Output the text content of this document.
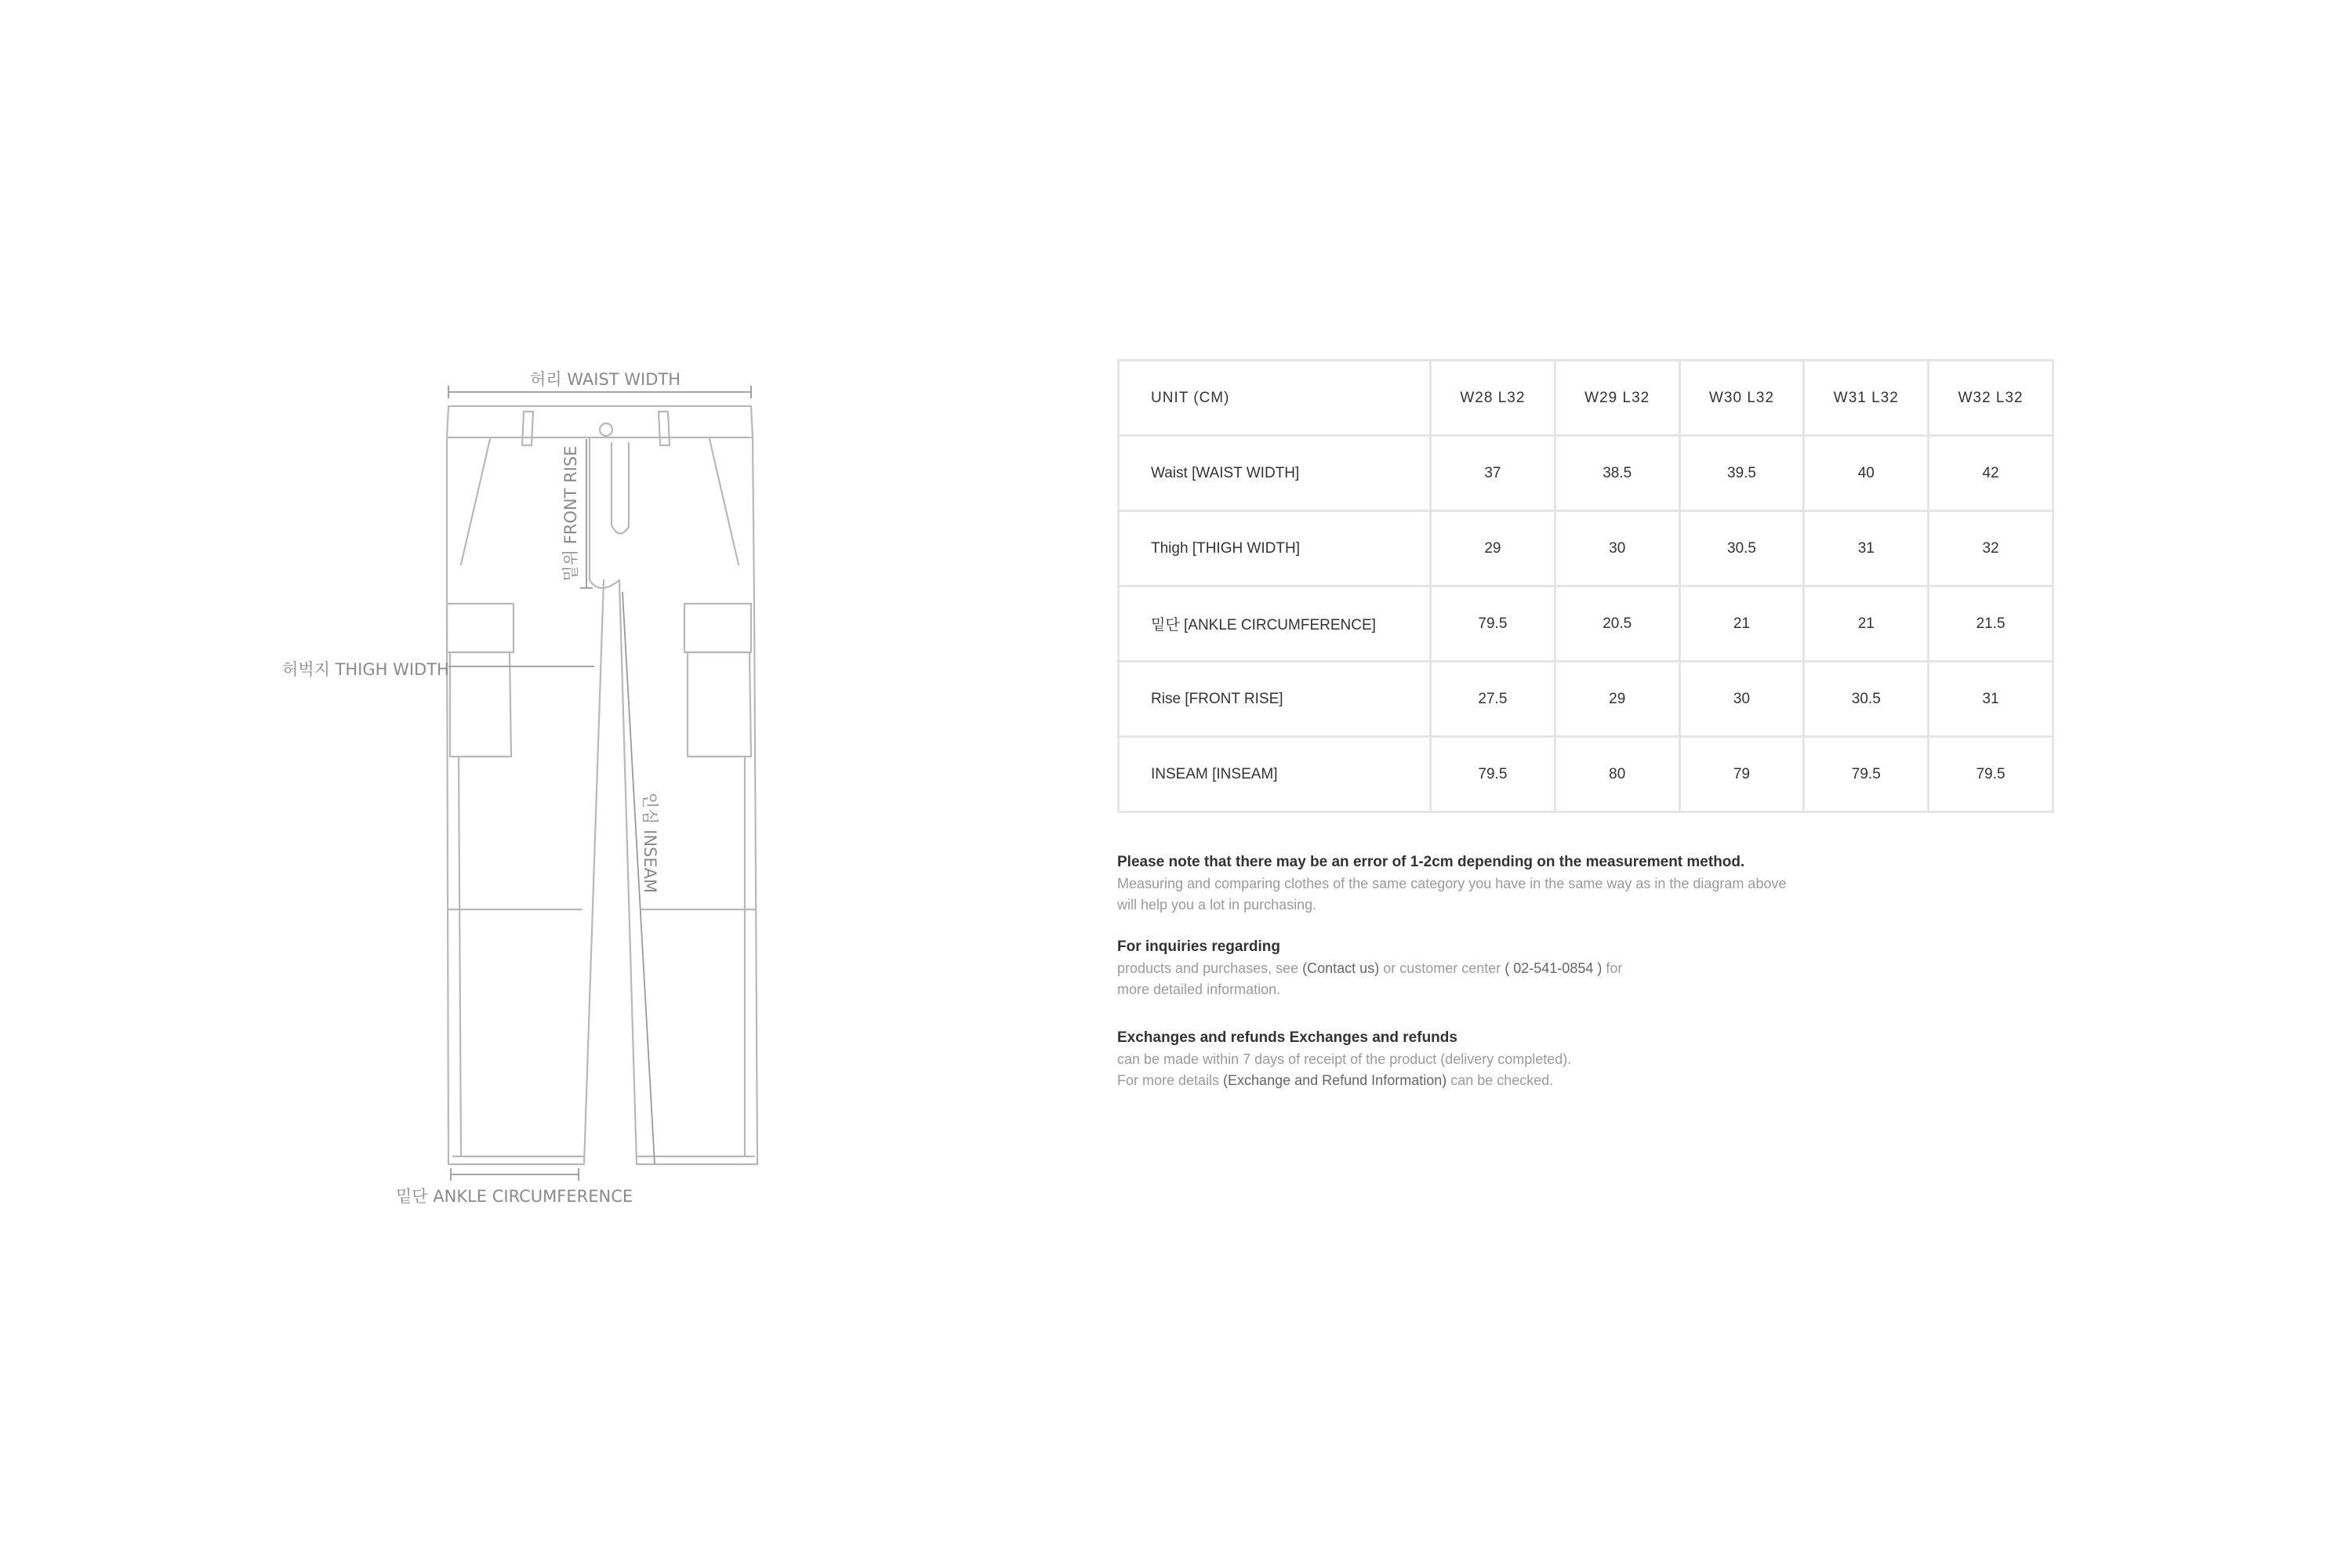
허리 WAIST WIDTH
밑위 FRONT RISE
허벅지 THIGH WIDTH
인심 INSEAM
밑단 ANKLE CIRCUMFERENCE
UNIT (CM)	W28 L32	W29 L32	W30 L32	W31 L32	W32 L32
Waist [WAIST WIDTH]	37	38.5	39.5	40	42
Thigh [THIGH WIDTH]	29	30	30.5	31	32
밑단 [ANKLE CIRCUMFERENCE]	79.5	20.5	21	21	21.5
Rise [FRONT RISE]	27.5	29	30	30.5	31
INSEAM [INSEAM]	79.5	80	79	79.5	79.5
Please note that there may be an error of 1-2cm depending on the measurement method.
Measuring and comparing clothes of the same category you have in the same way as in the diagram above
will help you a lot in purchasing.
For inquiries regarding
products and purchases, see (Contact us) or customer center ( 02-541-0854 ) for
more detailed information.
Exchanges and refunds Exchanges and refunds
can be made within 7 days of receipt of the product (delivery completed).
For more details (Exchange and Refund Information) can be checked.
